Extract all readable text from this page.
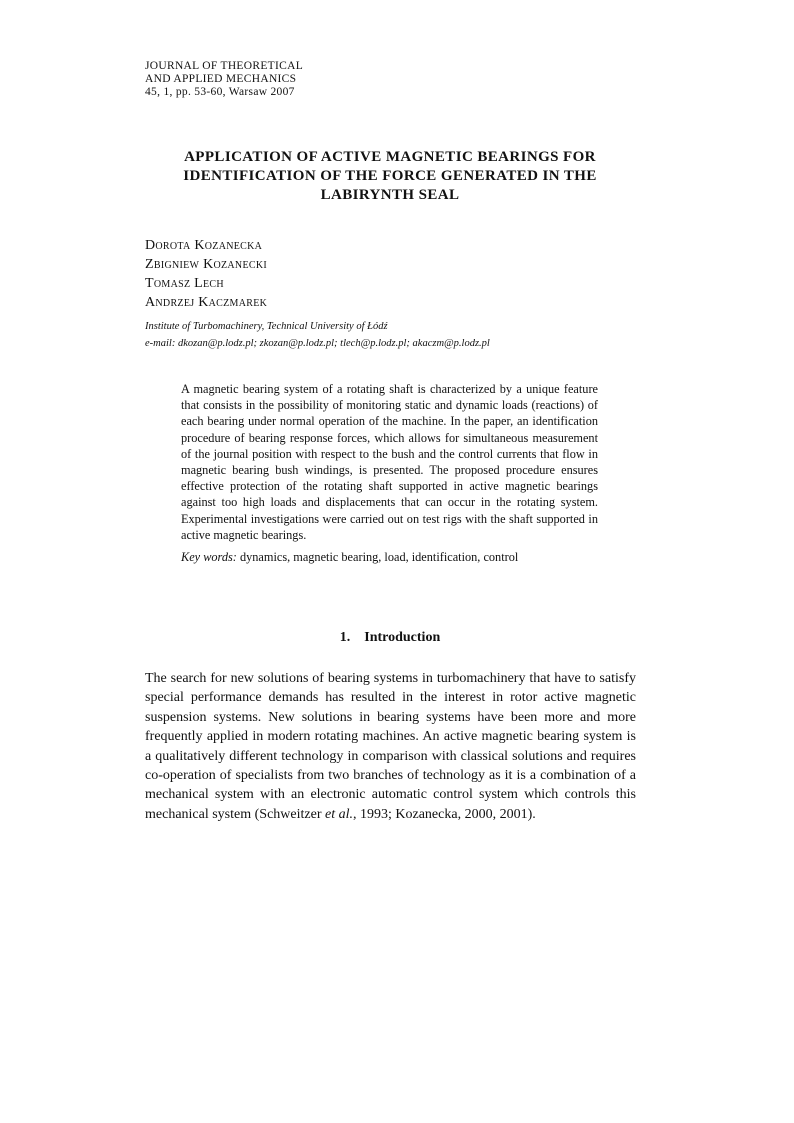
JOURNAL OF THEORETICAL
AND APPLIED MECHANICS
45, 1, pp. 53-60, Warsaw 2007
APPLICATION OF ACTIVE MAGNETIC BEARINGS FOR
IDENTIFICATION OF THE FORCE GENERATED IN THE
LABIRYNTH SEAL
Dorota Kozanecka
Zbigniew Kozanecki
Tomasz Lech
Andrzej Kaczmarek
Institute of Turbomachinery, Technical University of Łódź
e-mail: dkozan@p.lodz.pl; zkozan@p.lodz.pl; tlech@p.lodz.pl; akaczm@p.lodz.pl

A magnetic bearing system of a rotating shaft is characterized by a unique feature that consists in the possibility of monitoring static and dynamic loads (reactions) of each bearing under normal operation of the machine. In the paper, an identification procedure of bearing response forces, which allows for simultaneous measurement of the journal position with respect to the bush and the control currents that flow in magnetic bearing bush windings, is presented. The proposed procedure ensures effective protection of the rotating shaft supported in active magnetic bearings against too high loads and displacements that can occur in the rotating system. Experimental investigations were carried out on test rigs with the shaft supported in active magnetic bearings.

Key words: dynamics, magnetic bearing, load, identification, control

1. Introduction

The search for new solutions of bearing systems in turbomachinery that have to satisfy special performance demands has resulted in the interest in rotor active magnetic suspension systems. New solutions in bearing systems have been more and more frequently applied in modern rotating machines. An active magnetic bearing system is a qualitatively different technology in comparison with classical solutions and requires co-operation of specialists from two branches of technology as it is a combination of a mechanical system with an electronic automatic control system which controls this mechanical system (Schweitzer et al., 1993; Kozanecka, 2000, 2001).
